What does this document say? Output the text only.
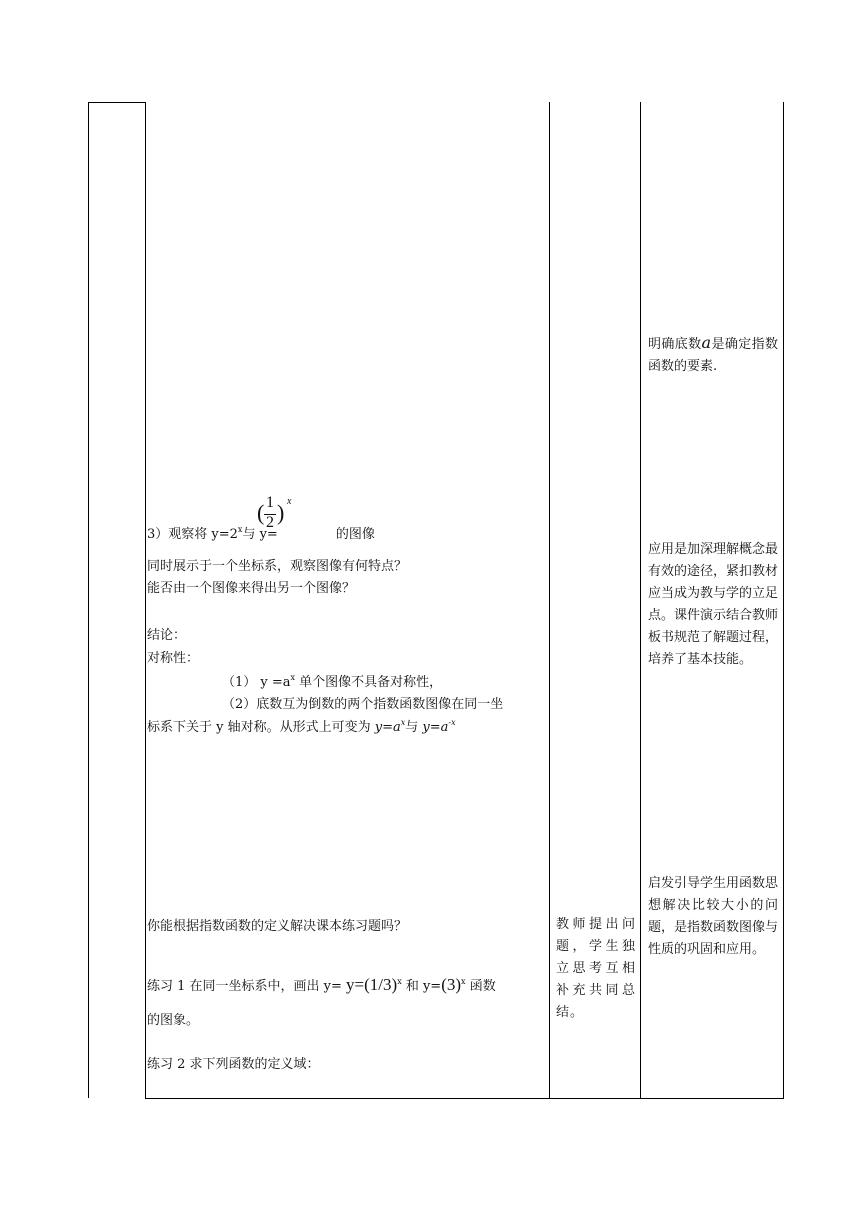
( 1
2 ) x
3）观察将 $y=2^x$与 y=	的图像
同时展示于一个坐标系，观察图像有何特点？
能否由一个图像来得出另一个图像？
结论：
对称性：
（1） $y =a^x$ 单个图像不具备对称性，
（2）底数互为倒数的两个指数函数图像在同一坐
标系下关于 y 轴对称。从形式上可变为 $y=a^x$与 $y=a^{-x}$
你能根据指数函数的定义解决课本练习题吗？
练习 1 在同一坐标系中，画出 $y= y=(1/3)^x$ 和 $y=(3)^x$ 函数
的图象。
练习 2 求下列函数的定义域：
教师提出问题，学生独立思考互相补充共同总结。
明确底数a是确定指数函数的要素.
应用是加深理解概念最有效的途径，紧扣教材应当成为教与学的立足点。课件演示结合教师板书规范了解题过程，培养了基本技能。
启发引导学生用函数思想解决比较大小的问题，是指数函数图像与性质的巩固和应用。
